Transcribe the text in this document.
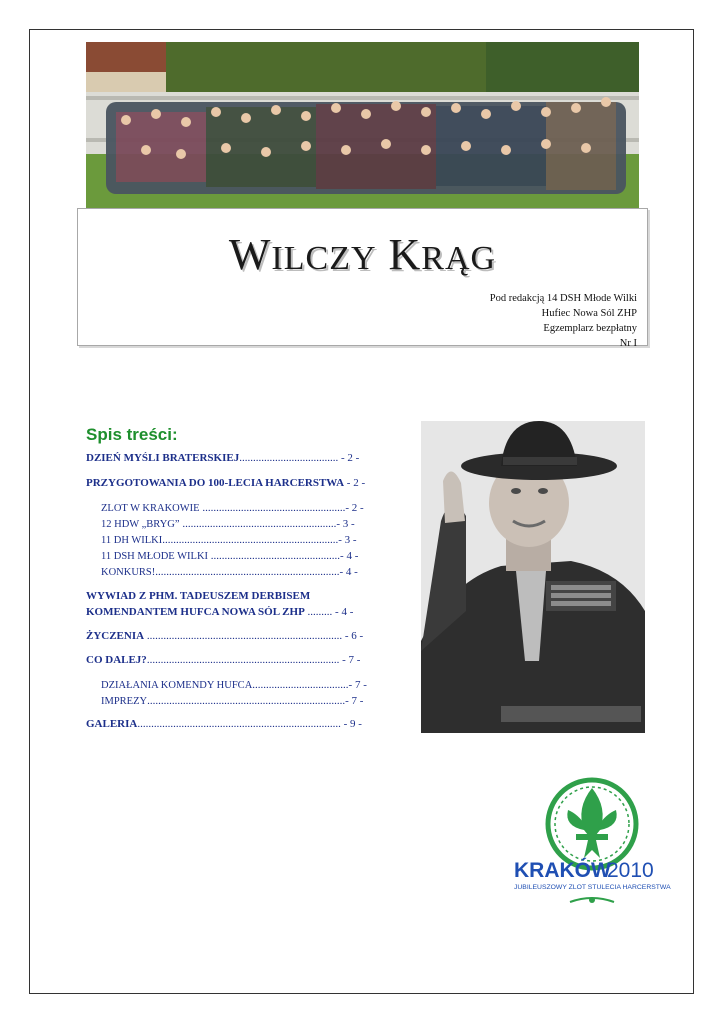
WILCZY KRĄG
Pod redakcją 14 DSH Młode Wilki
Hufiec Nowa Sól ZHP
Egzemplarz bezpłatny
Nr I
Spis treści:
DZIEŃ MYŚLI BRATERSKIEJ.................................... - 2 -
PRZYGOTOWANIA DO 100-LECIA HARCERSTWA - 2 -
ZLOT W KRAKOWIE ....................................................- 2 -
12 HDW „BRYG” ........................................................- 3 -
11 DH WILKI................................................................- 3 -
11 DSH MŁODE WILKI ...............................................- 4 -
KONKURS!...................................................................- 4 -
WYWIAD Z PHM. TADEUSZEM DERBISEM
KOMENDANTEM HUFCA NOWA SÓL ZHP ......... - 4 -
ŻYCZENIA ....................................................................... - 6 -
CO DALEJ?...................................................................... - 7 -
DZIAŁANIA KOMENDY HUFCA...................................- 7 -
IMPREZY........................................................................- 7 -
GALERIA.......................................................................... - 9 -
KRAKÓW
2010
JUBILEUSZOWY ZLOT STULECIA HARCERSTWA
